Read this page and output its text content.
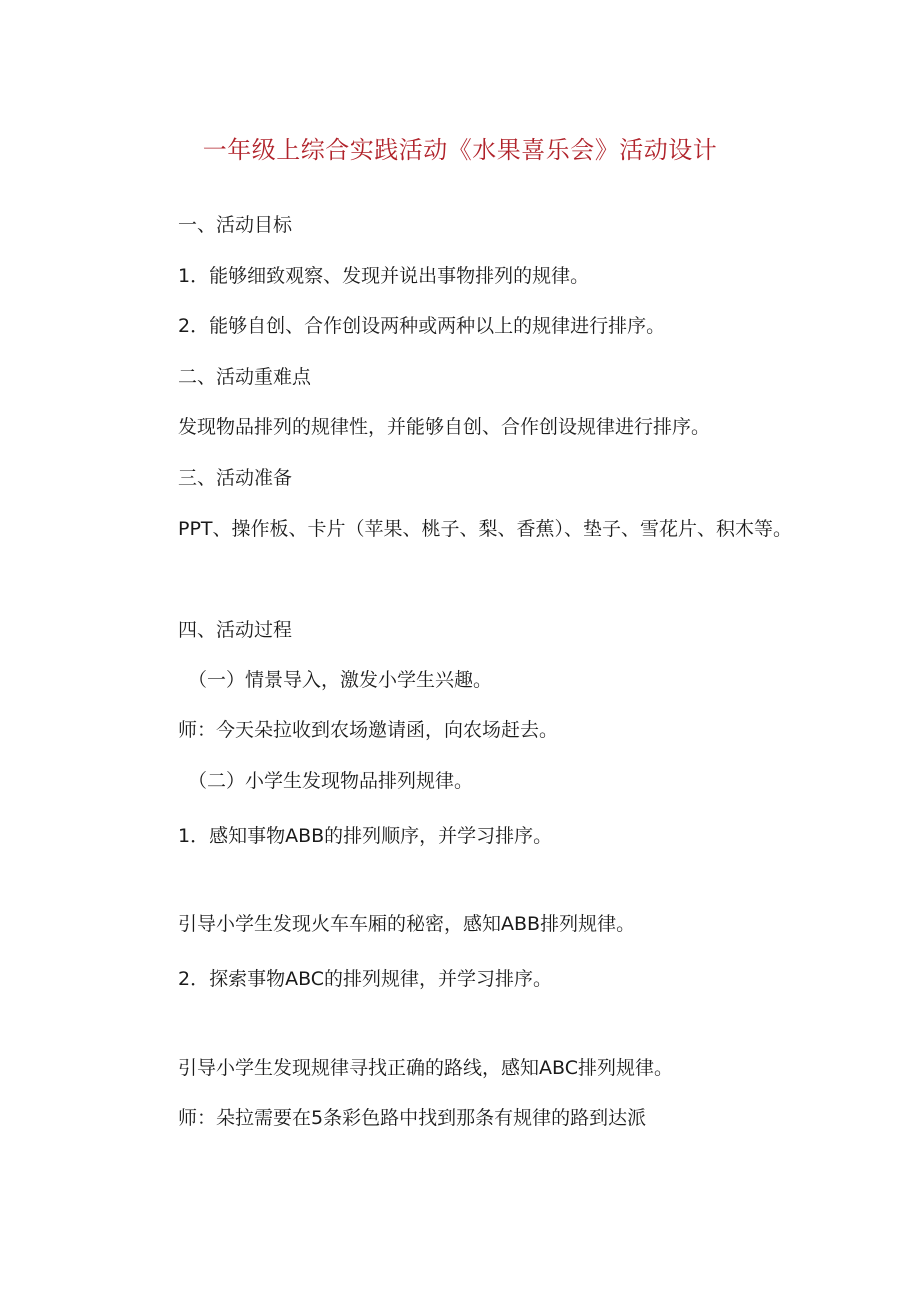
一年级上综合实践活动《水果喜乐会》活动设计
一、活动目标
1．能够细致观察、发现并说出事物排列的规律。
2．能够自创、合作创设两种或两种以上的规律进行排序。
二、活动重难点
发现物品排列的规律性，并能够自创、合作创设规律进行排序。
三、活动准备
PPT、操作板、卡片（苹果、桃子、梨、香蕉）、垫子、雪花片、积木等。
四、活动过程
（一）情景导入，激发小学生兴趣。
师：今天朵拉收到农场邀请函，向农场赶去。
（二）小学生发现物品排列规律。
1．感知事物ABB的排列顺序，并学习排序。
引导小学生发现火车车厢的秘密，感知ABB排列规律。
2．探索事物ABC的排列规律，并学习排序。
引导小学生发现规律寻找正确的路线，感知ABC排列规律。
师：朵拉需要在5条彩色路中找到那条有规律的路到达派
